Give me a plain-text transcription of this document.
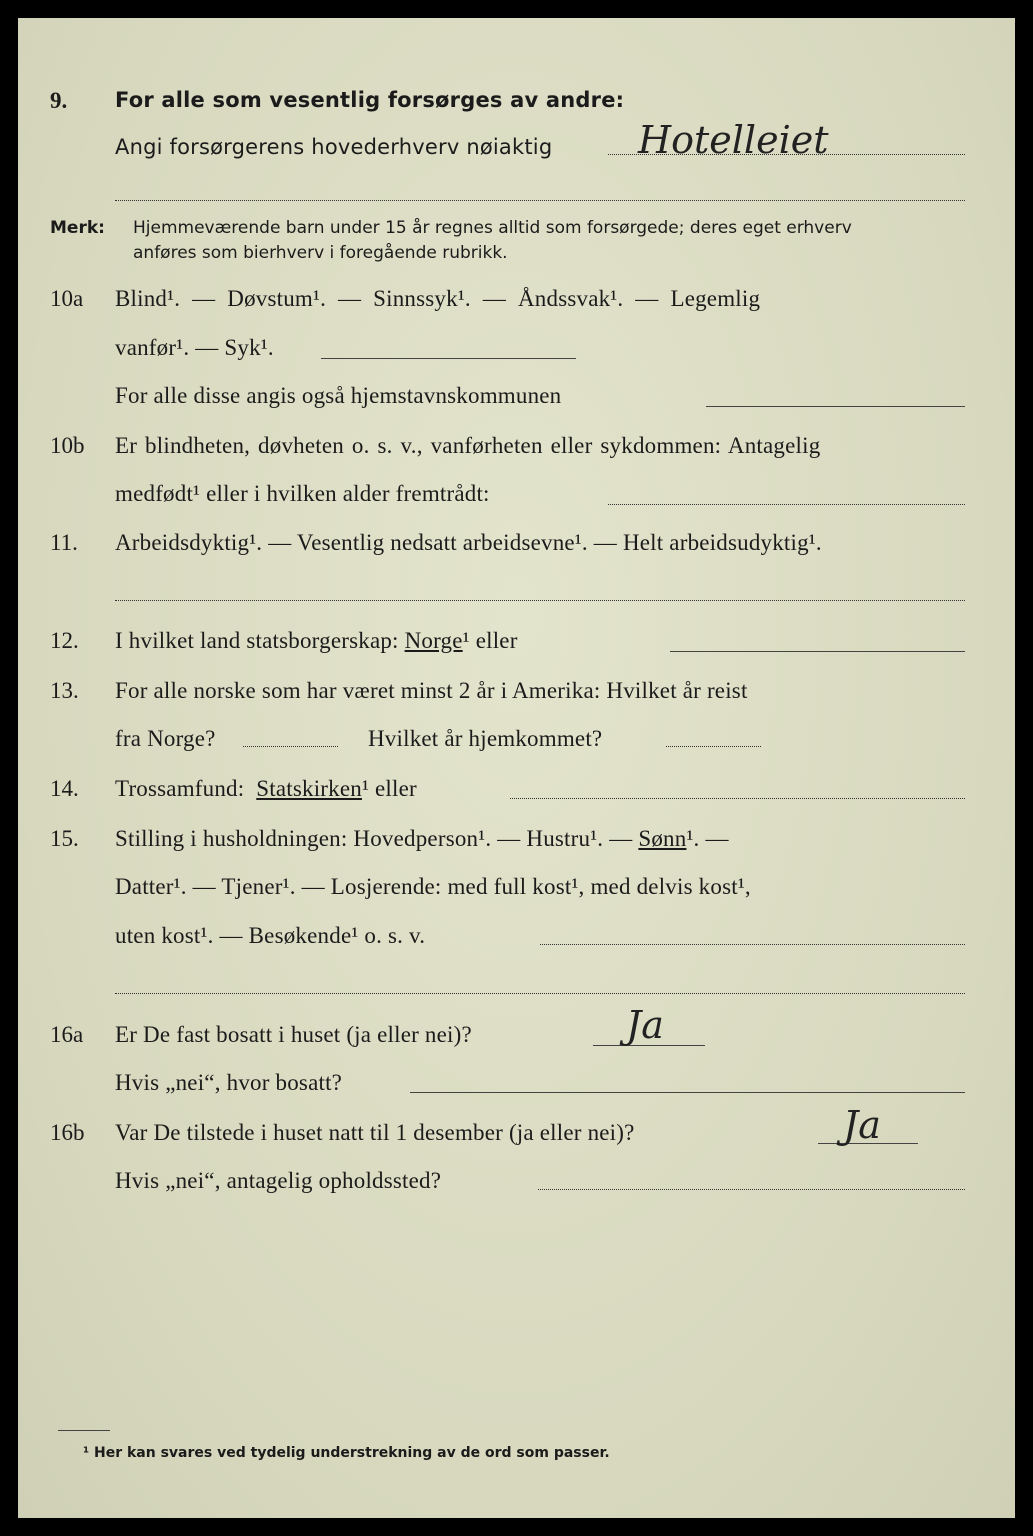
9. For alle som vesentlig forsørges av andre:
Angi forsørgerens hovederhverv nøiaktig Hotelleiet
Merk: Hjemmeværende barn under 15 år regnes alltid som forsørgede; deres eget erhverv
anføres som bierhverv i foregående rubrikk.
10a Blind¹. — Døvstum¹. — Sinnssyk¹. — Åndssvak¹. — Legemlig
vanfør¹. — Syk¹.
For alle disse angis også hjemstavnskommunen
10b Er blindheten, døvheten o. s. v., vanførheten eller sykdommen: Antagelig
medfødt¹ eller i hvilken alder fremtrådt:
11. Arbeidsdyktig¹. — Vesentlig nedsatt arbeidsevne¹. — Helt arbeidsudyktig¹.
12. I hvilket land statsborgerskap: Norge¹ eller
13. For alle norske som har været minst 2 år i Amerika: Hvilket år reist
fra Norge?	Hvilket år hjemkommet?
14. Trossamfund: Statskirken¹ eller
15. Stilling i husholdningen: Hovedperson¹. — Hustru¹. — Sønn¹. —
Datter¹. — Tjener¹. — Losjerende: med full kost¹, med delvis kost¹,
uten kost¹. — Besøkende¹ o. s. v.
16a Er De fast bosatt i huset (ja eller nei)?	Ja
Hvis „nei“, hvor bosatt?
16b Var De tilstede i huset natt til 1 desember (ja eller nei)?	Ja
Hvis „nei“, antagelig opholdssted?
¹ Her kan svares ved tydelig understrekning av de ord som passer.
